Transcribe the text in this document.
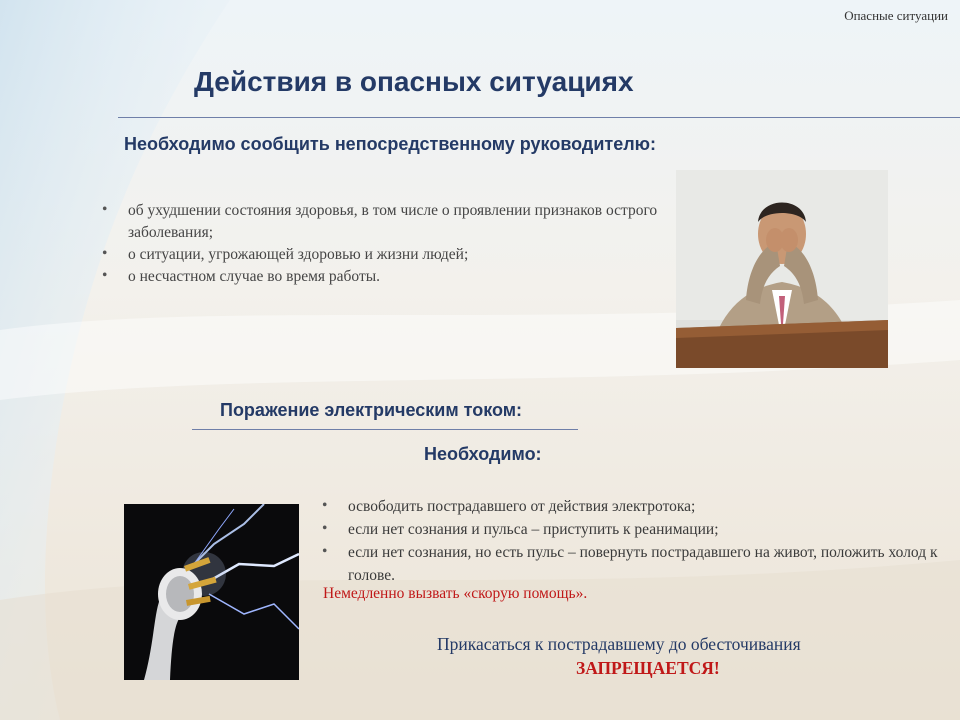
Опасные ситуации
Действия в опасных ситуациях
Необходимо сообщить непосредственному руководителю:
• об ухудшении состояния здоровья, в том числе о проявлении признаков острого заболевания;
• о ситуации, угрожающей здоровью и жизни людей;
• о несчастном случае во время работы.
Поражение электрическим током:
Необходимо:
• освободить пострадавшего от действия электротока;
• если нет сознания и пульса – приступить к реанимации;
• если нет сознания, но есть пульс – повернуть пострадавшего на живот, положить холод к голове.
Немедленно вызвать «скорую помощь».
Прикасаться к пострадавшему до обесточивания
ЗАПРЕЩАЕТСЯ!
